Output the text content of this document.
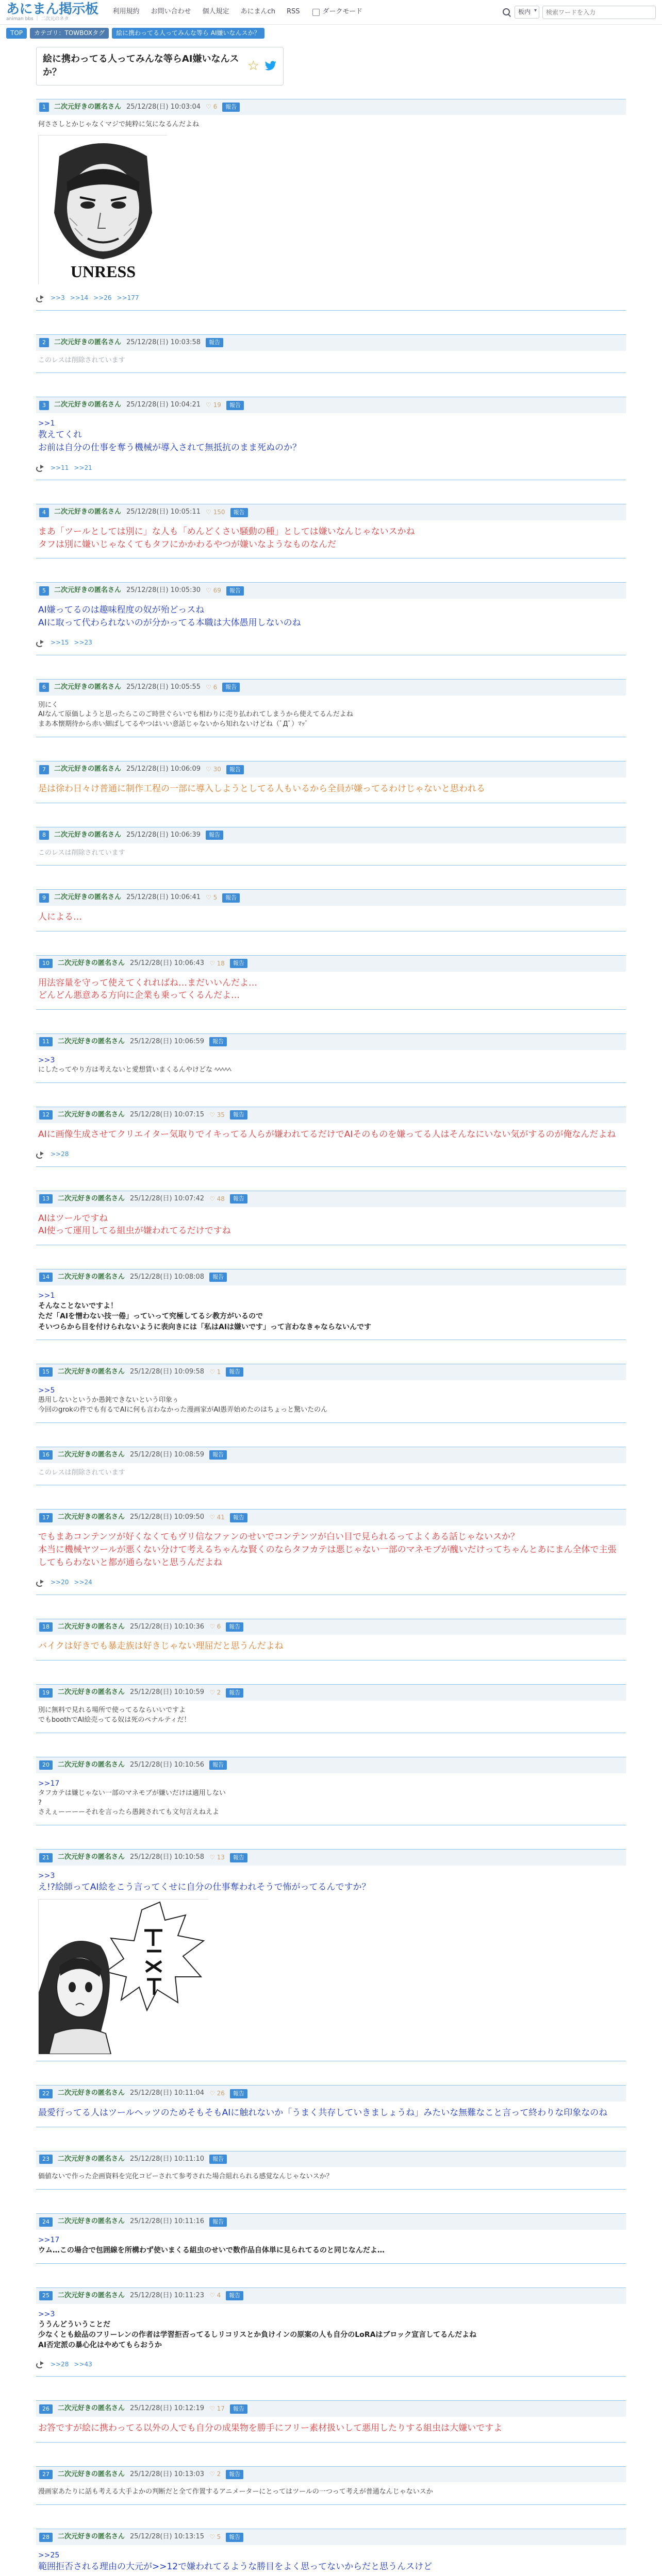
あにまん掲示板
animan bbs ｜ 二次元のネタ
利用規約 お問い合わせ 個人規定 あにまんch RSS	ダークモード	板内 ▾
検索ワードを入力
TOP	カテゴリ：TOWBOXタグ	絵に携わってる人ってみんな等ら AI嫌いなんスか？
絵に携わってる人ってみんな等らAI嫌いなんスか？	☆
1	二次元好きの匿名さん 25/12/28(日) 10:03:04 ♡ 6	報告
何ささしとかじゃなくマジで純粋に気になるんだよね
UNRESS
>>3 >>14 >>26 >>177
2	二次元好きの匿名さん 25/12/28(日) 10:03:58	報告
このレスは削除されています
3	二次元好きの匿名さん 25/12/28(日) 10:04:21 ♡ 19	報告
>>1
教えてくれ
お前は自分の仕事を奪う機械が導入されて無抵抗のまま死ぬのか？
>>11 >>21
4	二次元好きの匿名さん 25/12/28(日) 10:05:11 ♡ 150	報告
まあ「ツールとしては別に」な人も「めんどくさい騒動の種」としては嫌いなんじゃないスかね
タフは別に嫌いじゃなくてもタフにかかわるやつが嫌いなようなものなんだ
5	二次元好きの匿名さん 25/12/28(日) 10:05:30 ♡ 69	報告
AI嫌ってるのは趣味程度の奴が殆どっスね
AIに取って代わられないのが分かってる本職は大体愚用しないのね
>>15 >>23
6	二次元好きの匿名さん 25/12/28(日) 10:05:55 ♡ 6	報告
別にく
AIなんて原価しようと思ったらこのご時世ぐらいでも相わりに売り払われてしまうから使えてるんだよね
まあ本懐期待から赤い細ばしてるやつはいい意話じゃないから知れないけどね（ﾟДﾟ）ﾏｯﾞ
7	二次元好きの匿名さん 25/12/28(日) 10:06:09 ♡ 30	報告
是は徐わ日々け普通に制作工程の一部に導入しようとしてる人もいるから全員が嫌ってるわけじゃないと思われる
8	二次元好きの匿名さん 25/12/28(日) 10:06:39	報告
このレスは削除されています
9	二次元好きの匿名さん 25/12/28(日) 10:06:41 ♡ 5	報告
人による…
10	二次元好きの匿名さん 25/12/28(日) 10:06:43 ♡ 18	報告
用法容量を守って使えてくれればね…まだいいんだよ…
どんどん悪意ある方向に企業も乗ってくるんだよ…
11	二次元好きの匿名さん 25/12/28(日) 10:06:59	報告
>>3
にしたってやり方は考えないと愛想賃いまくるんやけどな ﾍﾍﾍﾍﾍ
12	二次元好きの匿名さん 25/12/28(日) 10:07:15 ♡ 35	報告
AIに画像生成させてクリエイター気取りでイキってる人らが嫌われてるだけでAIそのものを嫌ってる人はそんなにいない気がするのが俺なんだよね
>>28
13	二次元好きの匿名さん 25/12/28(日) 10:07:42 ♡ 48	報告
AIはツールですね
AI使って運用してる組虫が嫌われてるだけですね
14	二次元好きの匿名さん 25/12/28(日) 10:08:08	報告
>>1
そんなことないですよ！
ただ「AIを憎わない技一倦」っていって究極してるシ教方がいるので
そいつらから目を付けられないように表向きには「私はAIは嫌いです」って言わなきゃならないんです
15	二次元好きの匿名さん 25/12/28(日) 10:09:58 ♡ 1	報告
>>5
愚用しないというか愚鈍できないという印象ぅ
今回のgrokの件でも有るでAIに何も言わなかった漫画家がAI愚弄始めたのはちょっと驚いたのん
16	二次元好きの匿名さん 25/12/28(日) 10:08:59	報告
このレスは削除されています
17	二次元好きの匿名さん 25/12/28(日) 10:09:50 ♡ 41	報告
でもまあコンテンツが好くなくてもヴリ信なファンのせいでコンテンツが白い目で見られるってよくある話じゃないスか？
本当に機械ヤツールが悪くない分けて考えるちゃんな賢くのならタフカテは悪じゃない一部のマネモブが醜いだけってちゃんとあにまん全体で主張してもらわないと都が通らないと思うんだよね
>>20 >>24
18	二次元好きの匿名さん 25/12/28(日) 10:10:36 ♡ 6	報告
バイクは好きでも暴走族は好きじゃない理屈だと思うんだよね
19	二次元好きの匿名さん 25/12/28(日) 10:10:59 ♡ 2	報告
別に無料で見れる場所で使ってるならいいですよ
でもboothでAI絵売ってる奴は死のペナルティだ！
20	二次元好きの匿名さん 25/12/28(日) 10:10:56	報告
>>17
タフカテは嫌じゃない一部のマネモブが嫌いだけは適用しない
?
さえぇーーーーそれを言ったら愚鈍されても文句言えねえよ
21	二次元好きの匿名さん 25/12/28(日) 10:10:58 ♡ 13	報告
>>3
え!?絵師ってAI絵をこう言ってくせに自分の仕事奪われそうで怖がってるんですか？
22	二次元好きの匿名さん 25/12/28(日) 10:11:04 ♡ 26	報告
最愛行ってる人はツールヘッツのためそもそもAIに触れないか「うまく共存していきましょうね」みたいな無難なこと言って終わりな印象なのね
23	二次元好きの匿名さん 25/12/28(日) 10:11:10	報告
価値ないで作った企画資料を完化コピーされて参考された場合組れられる感覚なんじゃないスか？
24	二次元好きの匿名さん 25/12/28(日) 10:11:16	報告
>>17
ウム…この場合で包囲線を所構わず使いまくる組虫のせいで数作品自体単に見られてるのと同じなんだよ…
25	二次元好きの匿名さん 25/12/28(日) 10:11:23 ♡ 4	報告
>>3
ううんどういうことだ
少なくとも絵品のフリーレンの作者は学習拒否ってるしリコリスとか負けインの原案の人も自分のLoRAはブロック宣言してるんだよね
AI否定派の暴心化はやめてもらおうか
>>28 >>43
26	二次元好きの匿名さん 25/12/28(日) 10:12:19 ♡ 17	報告
お答ですが絵に携わってる以外の人でも自分の成果物を勝手にフリー素材扱いして悪用したりする組虫は大嫌いですよ
27	二次元好きの匿名さん 25/12/28(日) 10:13:03 ♡ 2	報告
漫画家あたりに話も考える大手よかの判断だと全て作置するアニメーターにとってはツールの一つって考えが普通なんじゃないスか
28	二次元好きの匿名さん 25/12/28(日) 10:13:15 ♡ 5	報告
>>25
範囲拒否される理由の大元が>>12で嫌われてるような勝目をよく思ってないからだと思うんスけど
